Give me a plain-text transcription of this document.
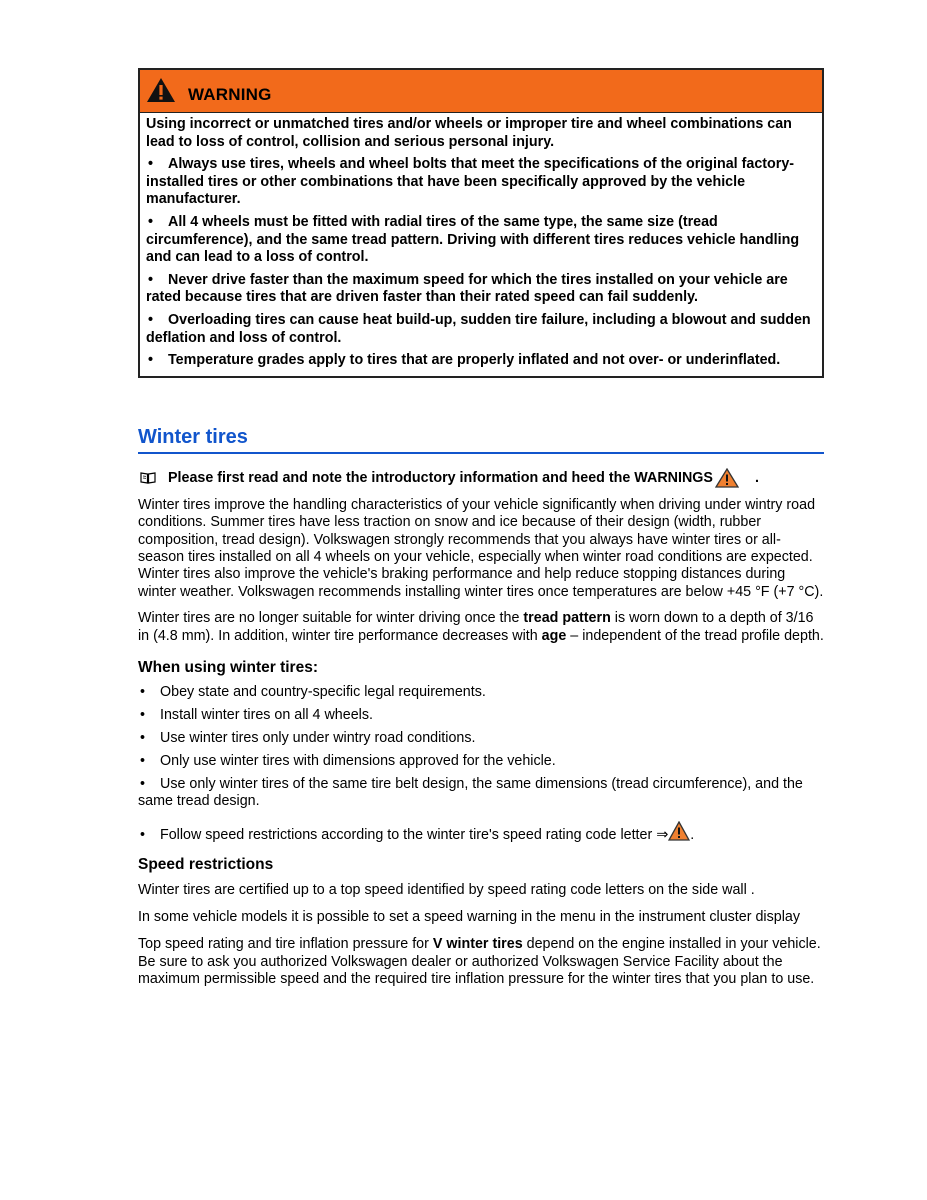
WARNING

Using incorrect or unmatched tires and/or wheels or improper tire and wheel combinations can lead to loss of control, collision and serious personal injury.

•Always use tires, wheels and wheel bolts that meet the specifications of the original factory-installed tires or other combinations that have been specifically approved by the vehicle manufacturer.
•All 4 wheels must be fitted with radial tires of the same type, the same size (tread circumference), and the same tread pattern. Driving with different tires reduces vehicle handling and can lead to a loss of control.
•Never drive faster than the maximum speed for which the tires installed on your vehicle are rated because tires that are driven faster than their rated speed can fail suddenly.
•Overloading tires can cause heat build-up, sudden tire failure, including a blowout and sudden deflation and loss of control.
•Temperature grades apply to tires that are properly inflated and not over- or underinflated.
Winter tires
Please first read and note the introductory information and heed the WARNINGS	.

Winter tires improve the handling characteristics of your vehicle significantly when driving under wintry road conditions. Summer tires have less traction on snow and ice because of their design (width, rubber composition, tread design). Volkswagen strongly recommends that you always have winter tires or all-season tires installed on all 4 wheels on your vehicle, especially when winter road conditions are expected. Winter tires also improve the vehicle's braking performance and help reduce stopping distances during winter weather. Volkswagen recommends installing winter tires once temperatures are below +45 °F (+7 °C).

Winter tires are no longer suitable for winter driving once the tread pattern is worn down to a depth of 3/16 in (4.8 mm). In addition, winter tire performance decreases with age – independent of the tread profile depth.

When using winter tires:
•Obey state and country-specific legal requirements.
•Install winter tires on all 4 wheels.
•Use winter tires only under wintry road conditions.
•Only use winter tires with dimensions approved for the vehicle.
•Use only winter tires of the same tire belt design, the same dimensions (tread circumference), and the same tread design.
•Follow speed restrictions according to the winter tire's speed rating code letter ⇒ .
Speed restrictions

Winter tires are certified up to a top speed identified by speed rating code letters on the side wall .

In some vehicle models it is possible to set a speed warning in the menu in the instrument cluster display

Top speed rating and tire inflation pressure for V winter tires depend on the engine installed in your vehicle. Be sure to ask you authorized Volkswagen dealer or authorized Volkswagen Service Facility about the maximum permissible speed and the required tire inflation pressure for the winter tires that you plan to use.
